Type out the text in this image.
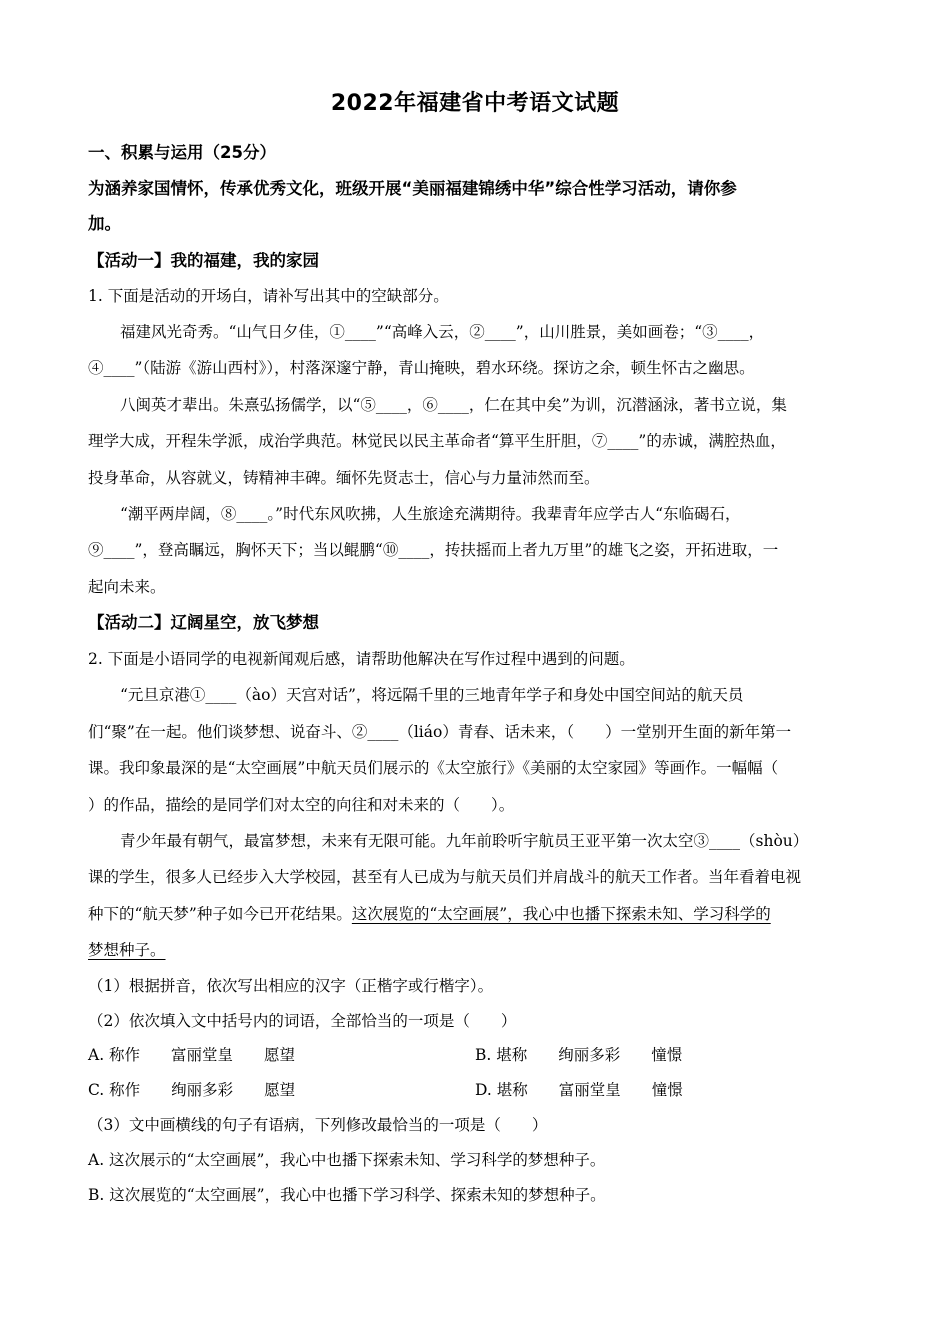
2022年福建省中考语文试题
一、积累与运用（25分）
为涵养家国情怀，传承优秀文化，班级开展“美丽福建锦绣中华”综合性学习活动，请你参
加。
【活动一】我的福建，我的家园
1. 下面是活动的开场白，请补写出其中的空缺部分。
福建风光奇秀。“山气日夕佳，①____”“高峰入云，②____”，山川胜景，美如画卷；“③____，
④____”（陆游《游山西村》），村落深邃宁静，青山掩映，碧水环绕。探访之余，顿生怀古之幽思。
八闽英才辈出。朱熹弘扬儒学，以“⑤____，⑥____，仁在其中矣”为训，沉潜涵泳，著书立说，集
理学大成，开程朱学派，成治学典范。林觉民以民主革命者“算平生肝胆，⑦____”的赤诚，满腔热血，
投身革命，从容就义，铸精神丰碑。缅怀先贤志士，信心与力量沛然而至。
“潮平两岸阔，⑧____。”时代东风吹拂，人生旅途充满期待。我辈青年应学古人“东临碣石，
⑨____”，登高瞩远，胸怀天下；当以鲲鹏“⑩____，抟扶摇而上者九万里”的雄飞之姿，开拓进取，一
起向未来。
【活动二】辽阔星空，放飞梦想
2. 下面是小语同学的电视新闻观后感，请帮助他解决在写作过程中遇到的问题。
“元旦京港①____（ào）天宫对话”，将远隔千里的三地青年学子和身处中国空间站的航天员
们“聚”在一起。他们谈梦想、说奋斗、②____（liáo）青春、话未来，（　　）一堂别开生面的新年第一
课。我印象最深的是“太空画展”中航天员们展示的《太空旅行》《美丽的太空家园》等画作。一幅幅（
）的作品，描绘的是同学们对太空的向往和对未来的（　　）。
青少年最有朝气，最富梦想，未来有无限可能。九年前聆听宇航员王亚平第一次太空③____（shòu）
课的学生，很多人已经步入大学校园，甚至有人已成为与航天员们并肩战斗的航天工作者。当年看着电视
种下的“航天梦”种子如今已开花结果。这次展览的“太空画展”，我心中也播下探索未知、学习科学的
梦想种子。
（1）根据拼音，依次写出相应的汉字（正楷字或行楷字）。
（2）依次填入文中括号内的词语，全部恰当的一项是（　　）
A. 称作　　富丽堂皇　　愿望	B. 堪称　　绚丽多彩　　憧憬
C. 称作　　绚丽多彩　　愿望	D. 堪称　　富丽堂皇　　憧憬
（3）文中画横线的句子有语病，下列修改最恰当的一项是（　　）
A. 这次展示的“太空画展”，我心中也播下探索未知、学习科学的梦想种子。
B. 这次展览的“太空画展”，我心中也播下学习科学、探索未知的梦想种子。
